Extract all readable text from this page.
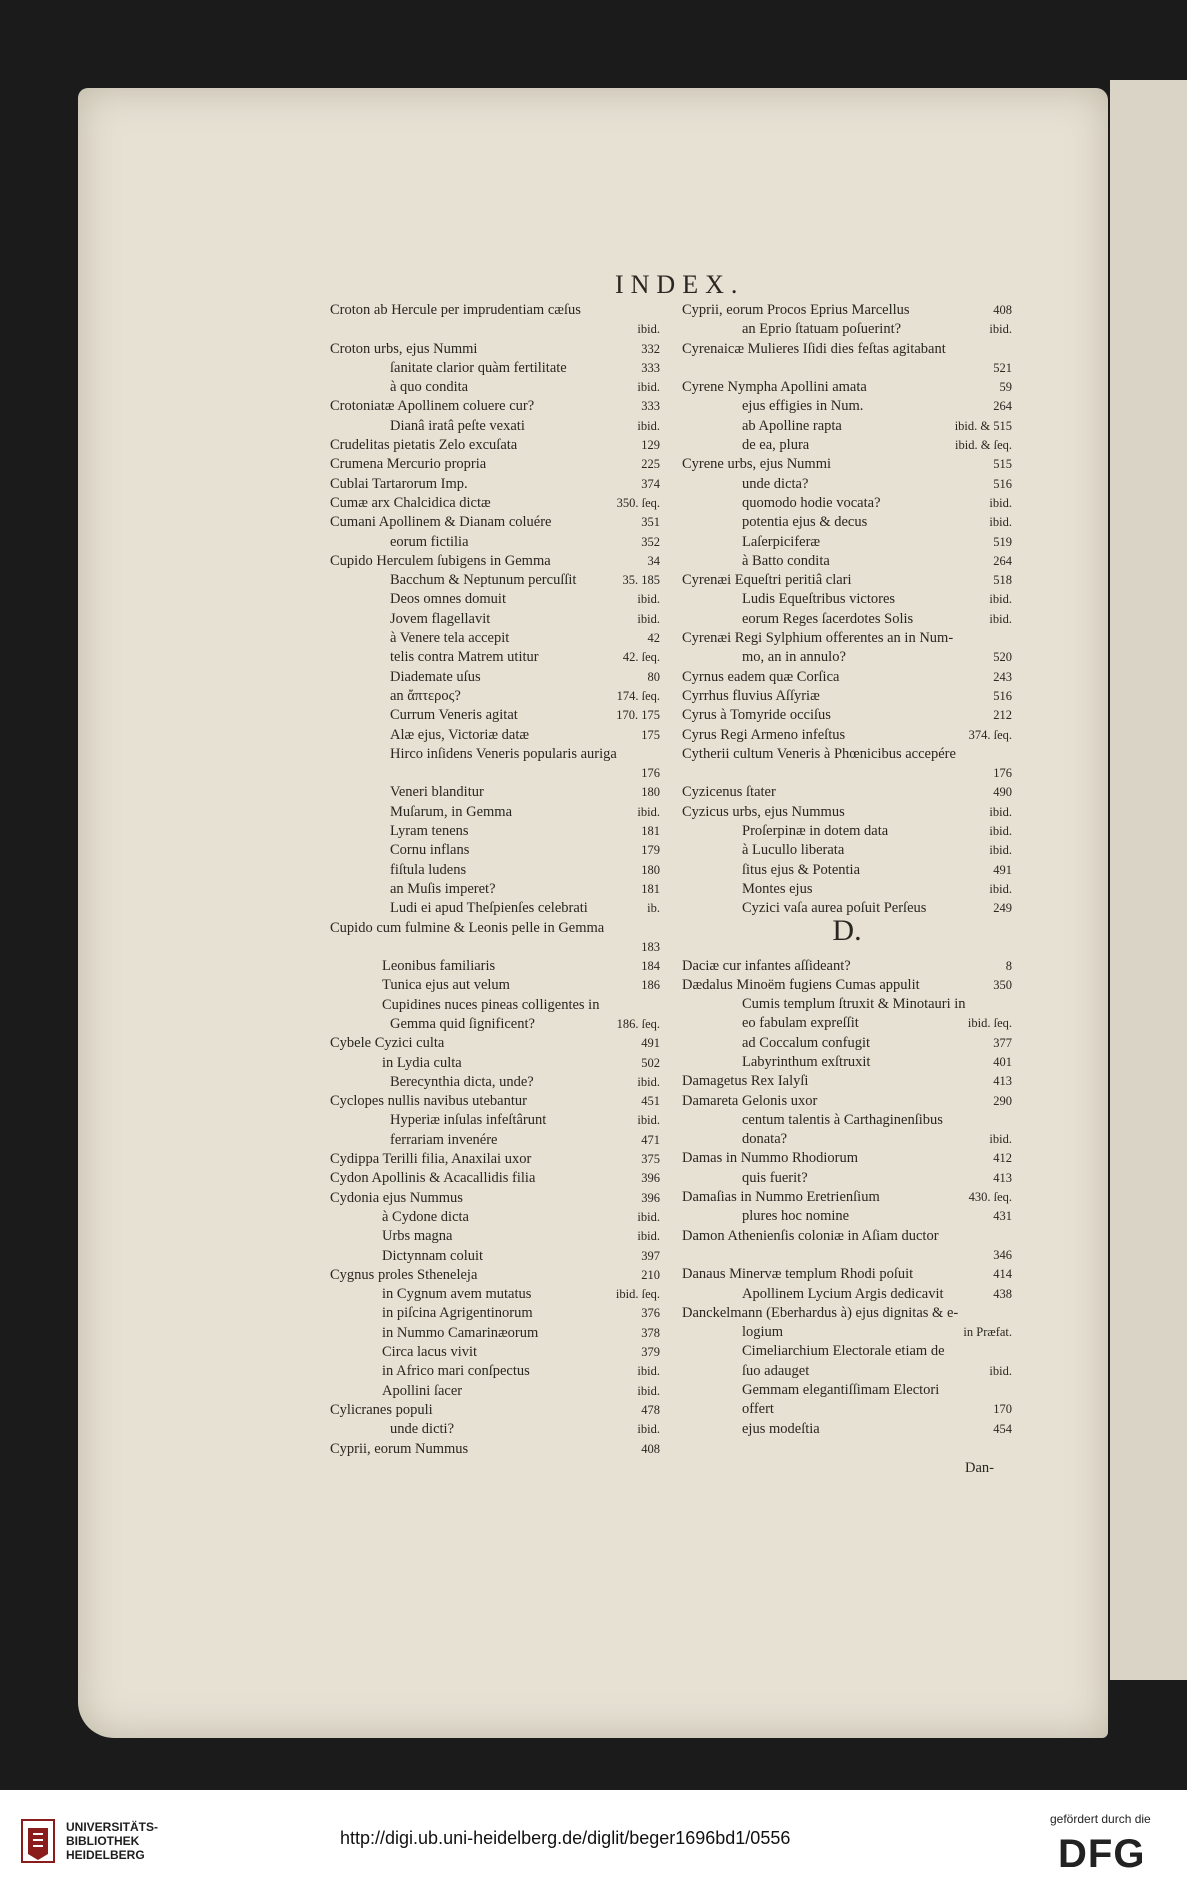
INDEX.
Croton ab Hercule per imprudentiam cæſus
ibid.
Croton urbs, ejus Nummi	332
ſanitate clarior quàm fertilitate	333
à quo condita	ibid.
Crotoniatæ Apollinem coluere cur?	333
Dianâ iratâ peſte vexati	ibid.
Crudelitas pietatis Zelo excuſata	129
Crumena Mercurio propria	225
Cublai Tartarorum Imp.	374
Cumæ arx Chalcidica dictæ	350. ſeq.
Cumani Apollinem & Dianam coluére	351
eorum fictilia	352
Cupido Herculem ſubigens in Gemma	34
Bacchum & Neptunum percuſſit	35. 185
Deos omnes domuit	ibid.
Jovem flagellavit	ibid.
à Venere tela accepit	42
telis contra Matrem utitur	42. ſeq.
Diademate uſus	80
an ἄπτερος?	174. ſeq.
Currum Veneris agitat	170. 175
Alæ ejus, Victoriæ datæ	175
Hirco inſidens Veneris popularis auriga
176
Veneri blanditur	180
Muſarum, in Gemma	ibid.
Lyram tenens	181
Cornu inflans	179
fiſtula ludens	180
an Muſis imperet?	181
Ludi ei apud Theſpienſes celebrati	ib.
Cupido cum fulmine & Leonis pelle in Gemma
183
Leonibus familiaris	184
Tunica ejus aut velum	186
Cupidines nuces pineas colligentes in
Gemma quid ſignificent?	186. ſeq.
Cybele Cyzici culta	491
in Lydia culta	502
Berecynthia dicta, unde?	ibid.
Cyclopes nullis navibus utebantur	451
Hyperiæ inſulas infeſtârunt	ibid.
ferrariam invenére	471
Cydippa Terilli filia, Anaxilai uxor	375
Cydon Apollinis & Acacallidis filia	396
Cydonia ejus Nummus	396
à Cydone dicta	ibid.
Urbs magna	ibid.
Dictynnam coluit	397
Cygnus proles Stheneleja	210
in Cygnum avem mutatus	ibid. ſeq.
in piſcina Agrigentinorum	376
in Nummo Camarinæorum	378
Circa lacus vivit	379
in Africo mari conſpectus	ibid.
Apollini ſacer	ibid.
Cylicranes populi	478
unde dicti?	ibid.
Cyprii, eorum Nummus	408
Cyprii, eorum Procos Eprius Marcellus	408
an Eprio ſtatuam poſuerint?	ibid.
Cyrenaicæ Mulieres Iſidi dies feſtas agitabant
521
Cyrene Nympha Apollini amata	59
ejus effigies in Num.	264
ab Apolline rapta	ibid. & 515
de ea, plura	ibid. & ſeq.
Cyrene urbs, ejus Nummi	515
unde dicta?	516
quomodo hodie vocata?	ibid.
potentia ejus & decus	ibid.
Laſerpiciferæ	519
à Batto condita	264
Cyrenæi Equeſtri peritiâ clari	518
Ludis Equeſtribus victores	ibid.
eorum Reges ſacerdotes Solis	ibid.
Cyrenæi Regi Sylphium offerentes an in Num-
mo, an in annulo?	520
Cyrnus eadem quæ Corſica	243
Cyrrhus fluvius Aſſyriæ	516
Cyrus à Tomyride occiſus	212
Cyrus Regi Armeno infeſtus	374. ſeq.
Cytherii cultum Veneris à Phœnicibus accepére
176
Cyzicenus ſtater	490
Cyzicus urbs, ejus Nummus	ibid.
Proſerpinæ in dotem data	ibid.
à Lucullo liberata	ibid.
ſitus ejus & Potentia	491
Montes ejus	ibid.
Cyzici vaſa aurea poſuit Perſeus	249
D.
Daciæ cur infantes aſſideant?	8
Dædalus Minoëm fugiens Cumas appulit	350
Cumis templum ſtruxit & Minotauri in
eo fabulam expreſſit	ibid. ſeq.
ad Coccalum confugit	377
Labyrinthum exſtruxit	401
Damagetus Rex Ialyſi	413
Damareta Gelonis uxor	290
centum talentis à Carthaginenſibus
donata?	ibid.
Damas in Nummo Rhodiorum	412
quis fuerit?	413
Damaſias in Nummo Eretrienſium	430. ſeq.
plures hoc nomine	431
Damon Athenienſis coloniæ in Aſiam ductor
346
Danaus Minervæ templum Rhodi poſuit	414
Apollinem Lycium Argis dedicavit	438
Danckelmann (Eberhardus à) ejus dignitas & e-
logium	in Præfat.
Cimeliarchium Electorale etiam de
ſuo adauget	ibid.
Gemmam elegantiſſimam Electori
offert	170
ejus modeſtia	454
Dan-
UNIVERSITÄTS-
BIBLIOTHEK
HEIDELBERG
http://digi.ub.uni-heidelberg.de/diglit/beger1696bd1/0556
gefördert durch die
DFG
